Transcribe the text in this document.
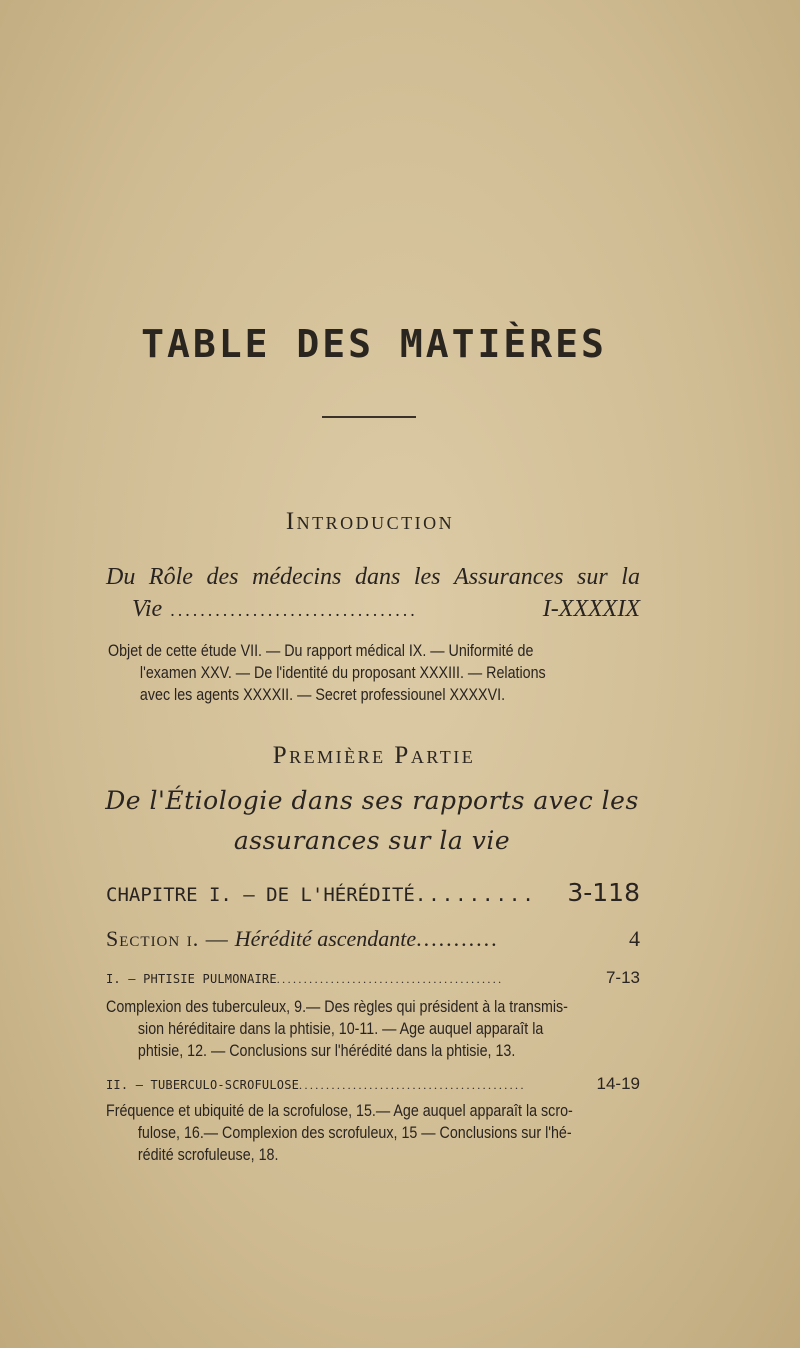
TABLE DES MATIÈRES
Introduction
Du Rôle des médecins dans les Assurances sur la
Vie .................................	I-XXXXIX
Objet de cette étude VII. — Du rapport médical IX. — Uniformité de
l'examen XXV. — De l'identité du proposant XXXIII. — Relations
avec les agents XXXXII. — Secret professiounel XXXXVI.
Première Partie
De l'Étiologie dans ses rapports avec les
assurances sur la vie
CHAPITRE I. — DE L'HÉRÉDITÉ ......... 3-118
Section i. — Hérédité ascendante ...........	4
I. — PHTISIE PULMONAIRE ..........................................	7-13
Complexion des tuberculeux, 9.— Des règles qui président à la transmis-
sion héréditaire dans la phtisie, 10-11. — Age auquel apparaît la
phtisie, 12. — Conclusions sur l'hérédité dans la phtisie, 13.
II. — TUBERCULO-SCROFULOSE ..........................................	14-19
Fréquence et ubiquité de la scrofulose, 15.— Age auquel apparaît la scro-
fulose, 16.— Complexion des scrofuleux, 15 — Conclusions sur l'hé-
rédité scrofuleuse, 18.
